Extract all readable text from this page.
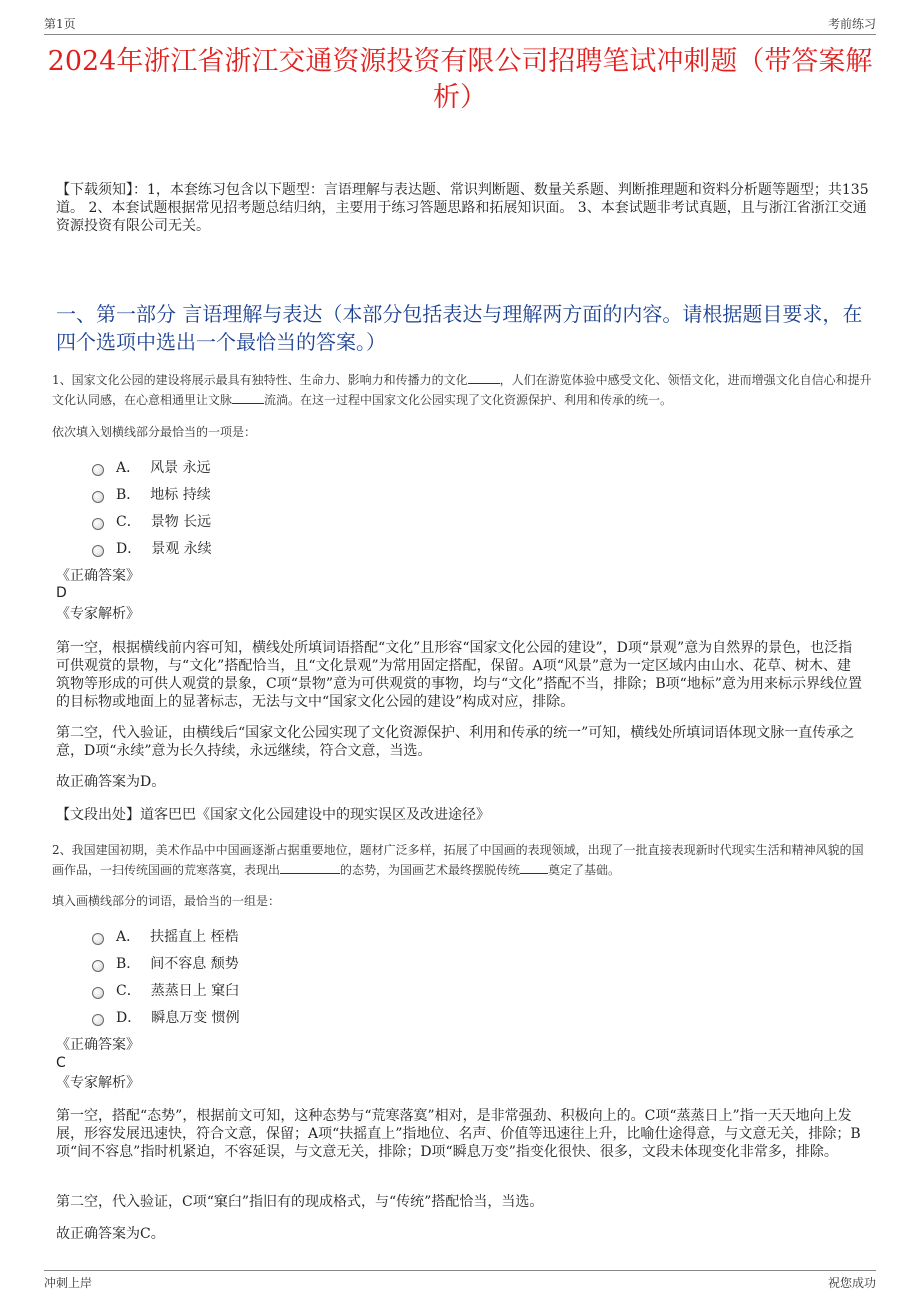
第1页	考前练习
2024年浙江省浙江交通资源投资有限公司招聘笔试冲刺题（带答案解析）
【下载须知】：1，本套练习包含以下题型：言语理解与表达题、常识判断题、数量关系题、判断推理题和资料分析题等题型；共135道。 2、本套试题根据常见招考题总结归纳，主要用于练习答题思路和拓展知识面。 3、本套试题非考试真题，且与浙江省浙江交通资源投资有限公司无关。
一、第一部分 言语理解与表达（本部分包括表达与理解两方面的内容。请根据题目要求，在四个选项中选出一个最恰当的答案。）
1、国家文化公园的建设将展示最具有独特性、生命力、影响力和传播力的文化	，人们在游览体验中感受文化、领悟文化，进而增强文化自信心和提升文化认同感，在心意相通里让文脉	流淌。在这一过程中国家文化公园实现了文化资源保护、利用和传承的统一。
依次填入划横线部分最恰当的一项是：
A． 风景 永远
B． 地标 持续
C． 景物 长远
D． 景观 永续
《正确答案》
D
《专家解析》
第一空，根据横线前内容可知，横线处所填词语搭配“文化”且形容“国家文化公园的建设”，D项“景观”意为自然界的景色，也泛指可供观赏的景物，与“文化”搭配恰当，且“文化景观”为常用固定搭配，保留。A项“风景”意为一定区域内由山水、花草、树木、建筑物等形成的可供人观赏的景象，C项“景物”意为可供观赏的事物，均与“文化”搭配不当，排除；B项“地标”意为用来标示界线位置的目标物或地面上的显著标志，无法与文中“国家文化公园的建设”构成对应，排除。
第二空，代入验证，由横线后“国家文化公园实现了文化资源保护、利用和传承的统一”可知，横线处所填词语体现文脉一直传承之意，D项“永续”意为长久持续，永远继续，符合文意，当选。
故正确答案为D。
【文段出处】道客巴巴《国家文化公园建设中的现实误区及改进途径》
2、我国建国初期，美术作品中中国画逐渐占据重要地位，题材广泛多样，拓展了中国画的表现领域，出现了一批直接表现新时代现实生活和精神风貌的国画作品，一扫传统国画的荒寒落寞，表现出	的态势，为国画艺术最终摆脱传统 奠定了基础。
填入画横线部分的词语，最恰当的一组是：
A． 扶摇直上 桎梏
B． 间不容息 颓势
C． 蒸蒸日上 窠臼
D． 瞬息万变 惯例
《正确答案》
C
《专家解析》
第一空，搭配“态势”，根据前文可知，这种态势与“荒寒落寞”相对，是非常强劲、积极向上的。C项“蒸蒸日上”指一天天地向上发展，形容发展迅速快，符合文意，保留；A项“扶摇直上”指地位、名声、价值等迅速往上升，比喻仕途得意，与文意无关，排除；B项“间不容息”指时机紧迫，不容延误，与文意无关，排除；D项“瞬息万变”指变化很快、很多，文段未体现变化非常多，排除。
第二空，代入验证，C项“窠臼”指旧有的现成格式，与“传统”搭配恰当，当选。
故正确答案为C。
冲刺上岸	祝您成功
